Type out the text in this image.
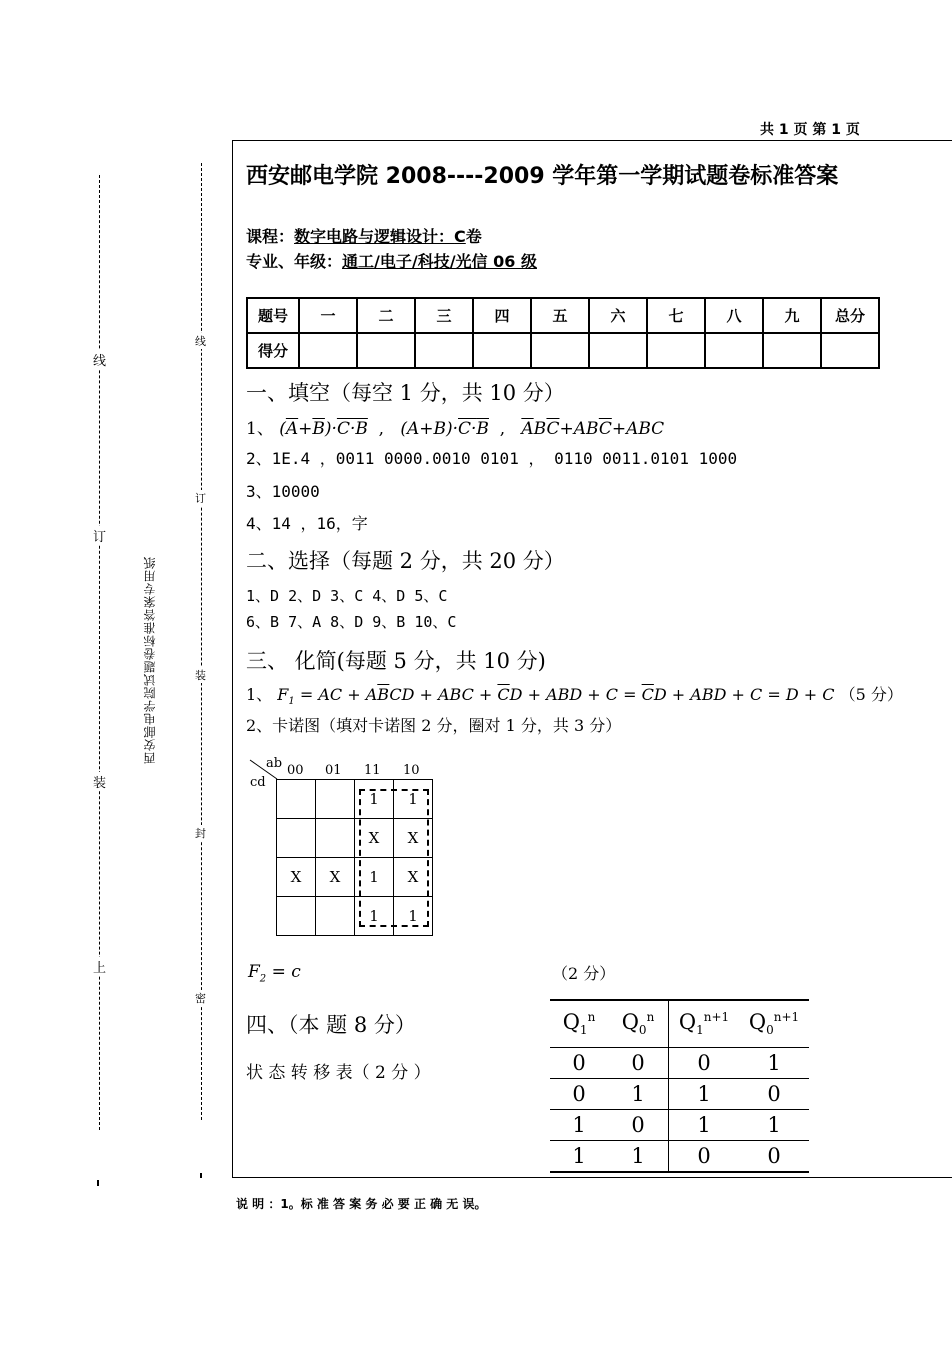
共 1 页 第 1 页
上
装
订
线
西安邮电学院试题卷标准答案专用纸
密
封
装
订
线
西安邮电学院 2008----2009 学年第一学期试题卷标准答案
课程：数字电路与逻辑设计：C卷
专业、年级：通工/电子/科技/光信 06 级
题号	一	二	三	四	五	六	七	八	九	总分
得分										
一、填空（每空 1 分，共 10 分）
1、 $(\overline{A}+\overline{B})\cdot C\cdot B$  ,   (A+B)·C·B  ,   $\overline{A}B\overline{C}+AB\overline{C}+ABC$
2、1E.4 ，0011 0000.0010 0101 ， 0110 0011.0101 1000
3、10000
4、14 ，16，字
二、选择（每题 2 分，共 20 分）
1、D 2、D 3、C 4、D 5、C
6、B 7、A 8、D 9、B 10、C
三、 化简(每题 5 分，共 10 分)
1、 $F_1$ = AC + $A\overline{B}CD$ + ABC + $\overline{C}D$ + ABD + $C = \overline{C}D$ + ABD + C = D + C （5 分）
2、卡诺图（填对卡诺图 2 分，圈对 1 分，共 3 分）
ab
cd
00 01 11 10
		1	1
		X	X
X	X	1	X
		1	1
$F_2 = c$	（2 分）
四、（本 题 8 分）
状 态 转 移 表（ 2 分 ）
$Q_1^n$	$Q_0^n$	$Q_1^{n+1}$	$Q_0^{n+1}$
0	0	0	1
0	1	1	0
1	0	1	1
1	1	0	0
说 明 ：1。标 准 答 案 务 必 要 正 确 无 误。
